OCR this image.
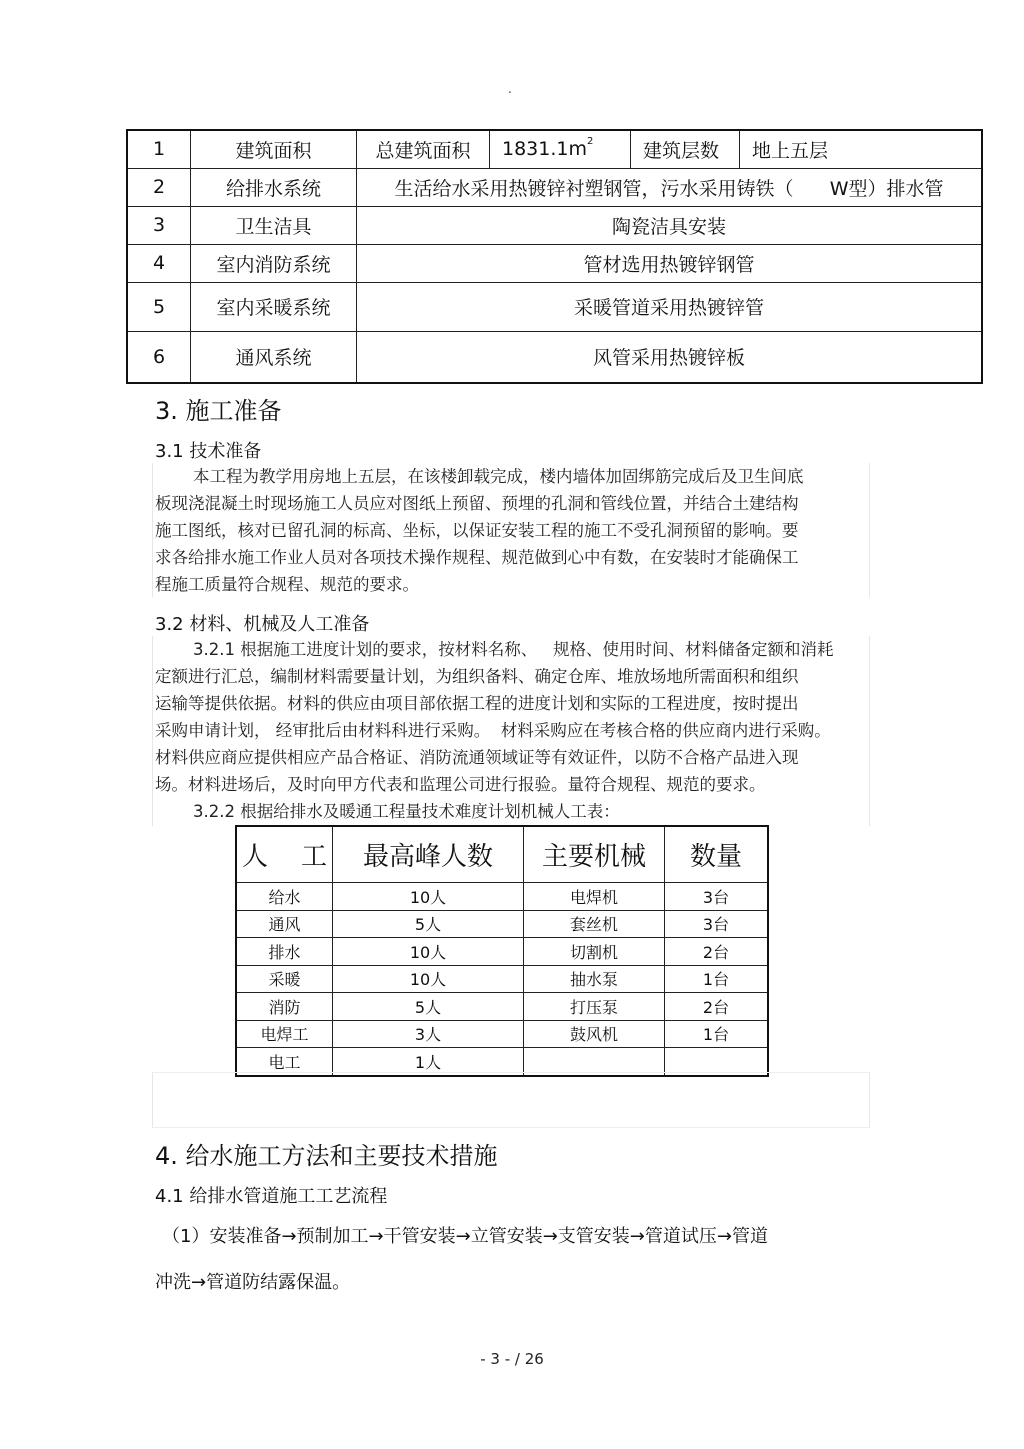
.
1	建筑面积	总建筑面积	$1831.1m^2$	建筑层数	地上五层
2	给排水系统	生活给水采用热镀锌衬塑钢管，污水采用铸铁（      W型）排水管			
3	卫生洁具	陶瓷洁具安装			
4	室内消防系统	管材选用热镀锌钢管			
5	室内采暖系统	采暖管道采用热镀锌管			
6	通风系统	风管采用热镀锌板			
3. 施工准备
3.1 技术准备
本工程为教学用房地上五层，在该楼卸载完成，楼内墙体加固绑筋完成后及卫生间底
板现浇混凝土时现场施工人员应对图纸上预留、预埋的孔洞和管线位置，并结合土建结构
施工图纸，核对已留孔洞的标高、坐标，以保证安装工程的施工不受孔洞预留的影响。要
求各给排水施工作业人员对各项技术操作规程、规范做到心中有数，在安装时才能确保工
程施工质量符合规程、规范的要求。
3.2 材料、机械及人工准备
3.2.1 根据施工进度计划的要求，按材料名称、   规格、使用时间、材料储备定额和消耗
定额进行汇总，编制材料需要量计划，为组织备料、确定仓库、堆放场地所需面积和组织
运输等提供依据。材料的供应由项目部依据工程的进度计划和实际的工程进度，按时提出
采购申请计划， 经审批后由材料科进行采购。  材料采购应在考核合格的供应商内进行采购。
材料供应商应提供相应产品合格证、消防流通领域证等有效证件，以防不合格产品进入现
场。材料进场后，及时向甲方代表和监理公司进行报验。量符合规程、规范的要求。
3.2.2 根据给排水及暖通工程量技术难度计划机械人工表：
人    工	最高峰人数	主要机械	数量
给水	10人	电焊机	3台
通风	5人	套丝机	3台
排水	10人	切割机	2台
采暖	10人	抽水泵	1台
消防	5人	打压泵	2台
电焊工	3人	鼓风机	1台
电工	1人		
4. 给水施工方法和主要技术措施
4.1 给排水管道施工工艺流程
（1）安装准备→预制加工→干管安装→立管安装→支管安装→管道试压→管道
冲洗→管道防结露保温。
- 3 - / 26
